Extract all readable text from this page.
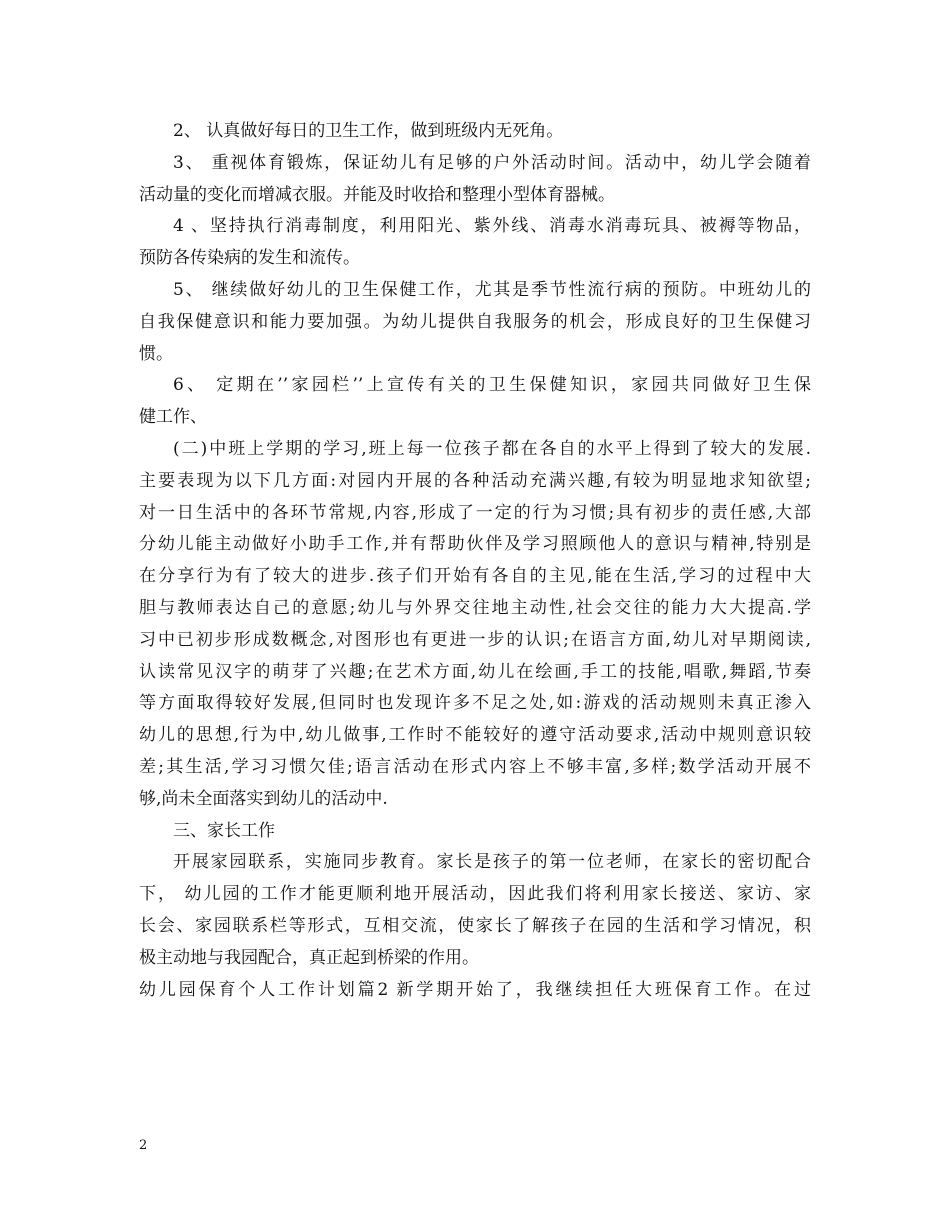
2、 认真做好每日的卫生工作，做到班级内无死角。
3、 重视体育锻炼，保证幼儿有足够的户外活动时间。活动中，幼儿学会随着
活动量的变化而增减衣服。并能及时收拾和整理小型体育器械。
4 、坚持执行消毒制度，利用阳光、紫外线、消毒水消毒玩具、被褥等物品，
预防各传染病的发生和流传。
5、 继续做好幼儿的卫生保健工作，尤其是季节性流行病的预防。中班幼儿的
自我保健意识和能力要加强。为幼儿提供自我服务的机会，形成良好的卫生保健习
惯。
6、 定期在’’家园栏’’上宣传有关的卫生保健知识，家园共同做好卫生保
健工作、
(二)中班上学期的学习,班上每一位孩子都在各自的水平上得到了较大的发展.
主要表现为以下几方面:对园内开展的各种活动充满兴趣,有较为明显地求知欲望;
对一日生活中的各环节常规,内容,形成了一定的行为习惯;具有初步的责任感,大部
分幼儿能主动做好小助手工作,并有帮助伙伴及学习照顾他人的意识与精神,特别是
在分享行为有了较大的进步.孩子们开始有各自的主见,能在生活,学习的过程中大
胆与教师表达自己的意愿;幼儿与外界交往地主动性,社会交往的能力大大提高.学
习中已初步形成数概念,对图形也有更进一步的认识;在语言方面,幼儿对早期阅读,
认读常见汉字的萌芽了兴趣;在艺术方面,幼儿在绘画,手工的技能,唱歌,舞蹈,节奏
等方面取得较好发展,但同时也发现许多不足之处,如:游戏的活动规则未真正渗入
幼儿的思想,行为中,幼儿做事,工作时不能较好的遵守活动要求,活动中规则意识较
差;其生活,学习习惯欠佳;语言活动在形式内容上不够丰富,多样;数学活动开展不
够,尚未全面落实到幼儿的活动中.
三、家长工作
开展家园联系，实施同步教育。家长是孩子的第一位老师，在家长的密切配合
下， 幼儿园的工作才能更顺利地开展活动，因此我们将利用家长接送、家访、家
长会、家园联系栏等形式，互相交流，使家长了解孩子在园的生活和学习情况，积
极主动地与我园配合，真正起到桥梁的作用。
幼儿园保育个人工作计划篇2 新学期开始了，我继续担任大班保育工作。在过
2
